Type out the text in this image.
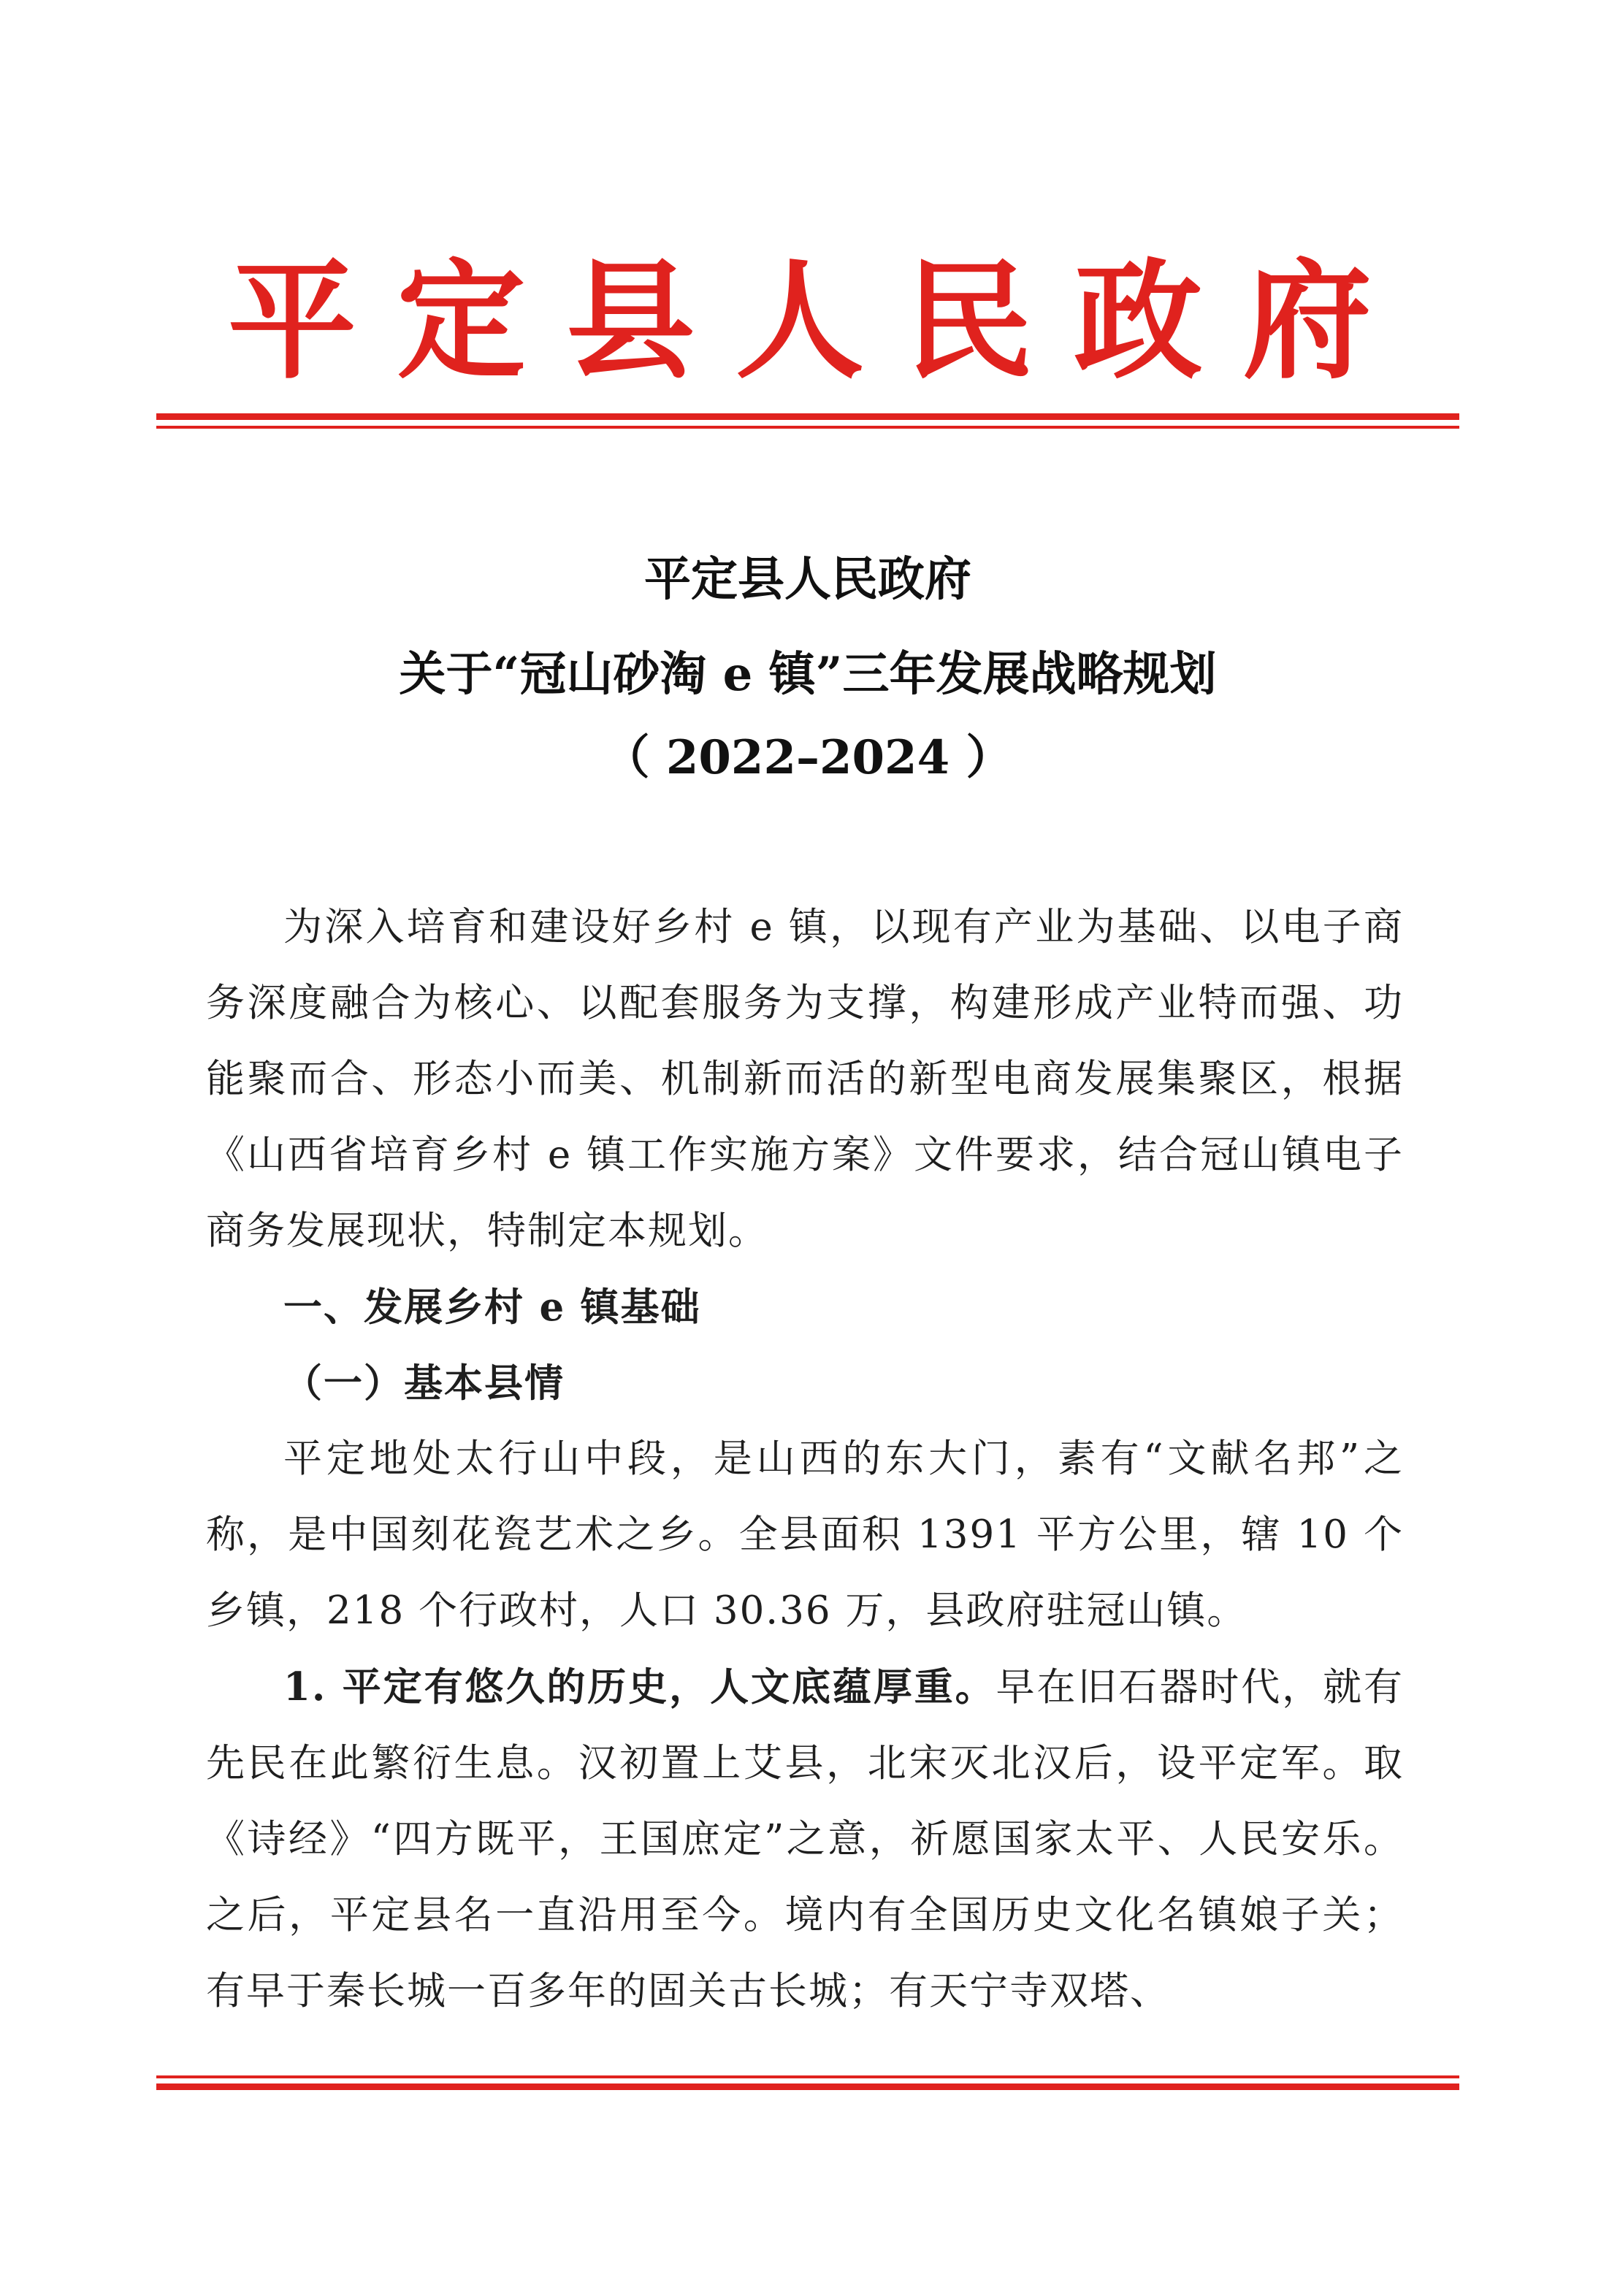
平 定 县 人 民 政 府
平定县人民政府
关于“冠山砂淘 e 镇”三年发展战略规划
（ 2022–2024 ）

为深入培育和建设好乡村 e 镇，以现有产业为基础、以电子商务深度融合为核心、以配套服务为支撑，构建形成产业特而强、功能聚而合、形态小而美、机制新而活的新型电商发展集聚区，根据《山西省培育乡村 e 镇工作实施方案》文件要求，结合冠山镇电子商务发展现状，特制定本规划。

一、发展乡村 e 镇基础

（一）基本县情

平定地处太行山中段，是山西的东大门，素有“文献名邦”之称，是中国刻花瓷艺术之乡。全县面积 1391 平方公里，辖 10 个乡镇，218 个行政村，人口 30.36 万，县政府驻冠山镇。

1. 平定有悠久的历史，人文底蕴厚重。早在旧石器时代，就有先民在此繁衍生息。汉初置上艾县，北宋灭北汉后，设平定军。取《诗经》“四方既平，王国庶定”之意，祈愿国家太平、人民安乐。之后，平定县名一直沿用至今。境内有全国历史文化名镇娘子关；有早于秦长城一百多年的固关古长城；有天宁寺双塔、
